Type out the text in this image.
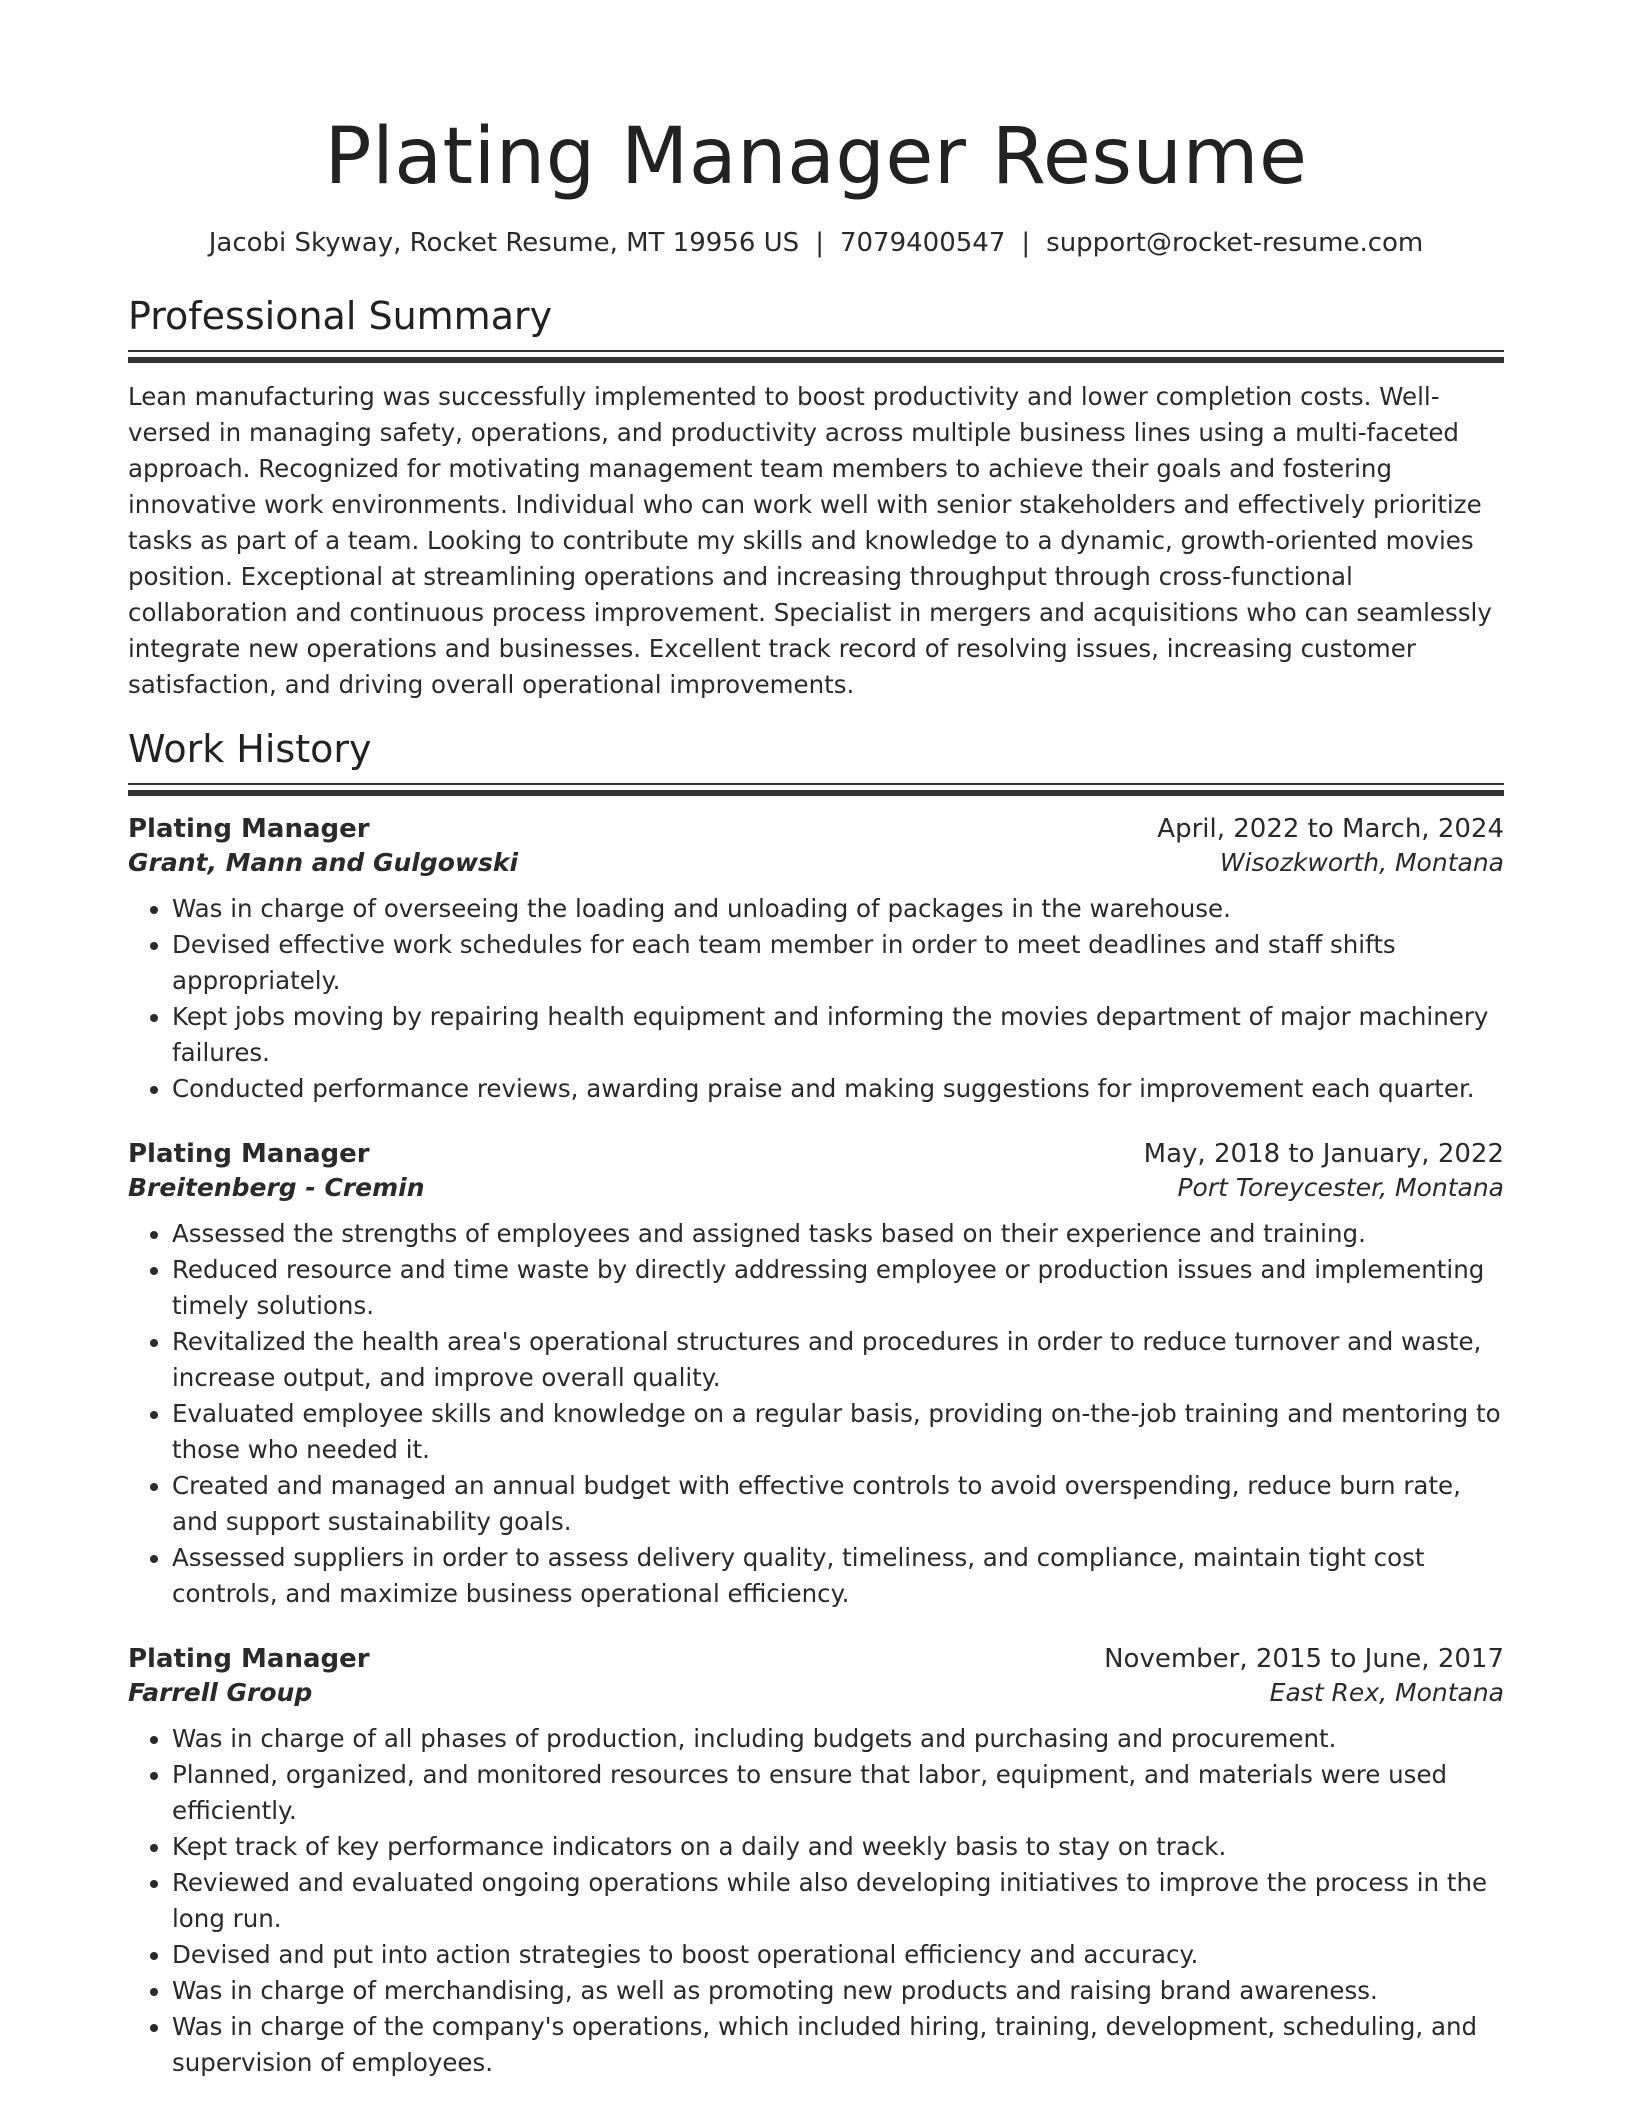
Plating Manager Resume
Jacobi Skyway, Rocket Resume, MT 19956 US | 7079400547 | support@rocket-resume.com
Professional Summary

Lean manufacturing was successfully implemented to boost productivity and lower completion costs. Well-versed in managing safety, operations, and productivity across multiple business lines using a multi-faceted approach. Recognized for motivating management team members to achieve their goals and fostering innovative work environments. Individual who can work well with senior stakeholders and effectively prioritize tasks as part of a team. Looking to contribute my skills and knowledge to a dynamic, growth-oriented movies position. Exceptional at streamlining operations and increasing throughput through cross-functional collaboration and continuous process improvement. Specialist in mergers and acquisitions who can seamlessly integrate new operations and businesses. Excellent track record of resolving issues, increasing customer satisfaction, and driving overall operational improvements.

Work History
Plating Manager	April, 2022 to March, 2024
Grant, Mann and Gulgowski	Wisozkworth, Montana
• Was in charge of overseeing the loading and unloading of packages in the warehouse.
• Devised effective work schedules for each team member in order to meet deadlines and staff shifts appropriately.
• Kept jobs moving by repairing health equipment and informing the movies department of major machinery failures.
• Conducted performance reviews, awarding praise and making suggestions for improvement each quarter.
Plating Manager	May, 2018 to January, 2022
Breitenberg - Cremin	Port Toreycester, Montana
• Assessed the strengths of employees and assigned tasks based on their experience and training.
• Reduced resource and time waste by directly addressing employee or production issues and implementing timely solutions.
• Revitalized the health area's operational structures and procedures in order to reduce turnover and waste, increase output, and improve overall quality.
• Evaluated employee skills and knowledge on a regular basis, providing on-the-job training and mentoring to those who needed it.
• Created and managed an annual budget with effective controls to avoid overspending, reduce burn rate, and support sustainability goals.
• Assessed suppliers in order to assess delivery quality, timeliness, and compliance, maintain tight cost controls, and maximize business operational efficiency.
Plating Manager	November, 2015 to June, 2017
Farrell Group	East Rex, Montana
• Was in charge of all phases of production, including budgets and purchasing and procurement.
• Planned, organized, and monitored resources to ensure that labor, equipment, and materials were used efficiently.
• Kept track of key performance indicators on a daily and weekly basis to stay on track.
• Reviewed and evaluated ongoing operations while also developing initiatives to improve the process in the long run.
• Devised and put into action strategies to boost operational efficiency and accuracy.
• Was in charge of merchandising, as well as promoting new products and raising brand awareness.
• Was in charge of the company's operations, which included hiring, training, development, scheduling, and supervision of employees.
